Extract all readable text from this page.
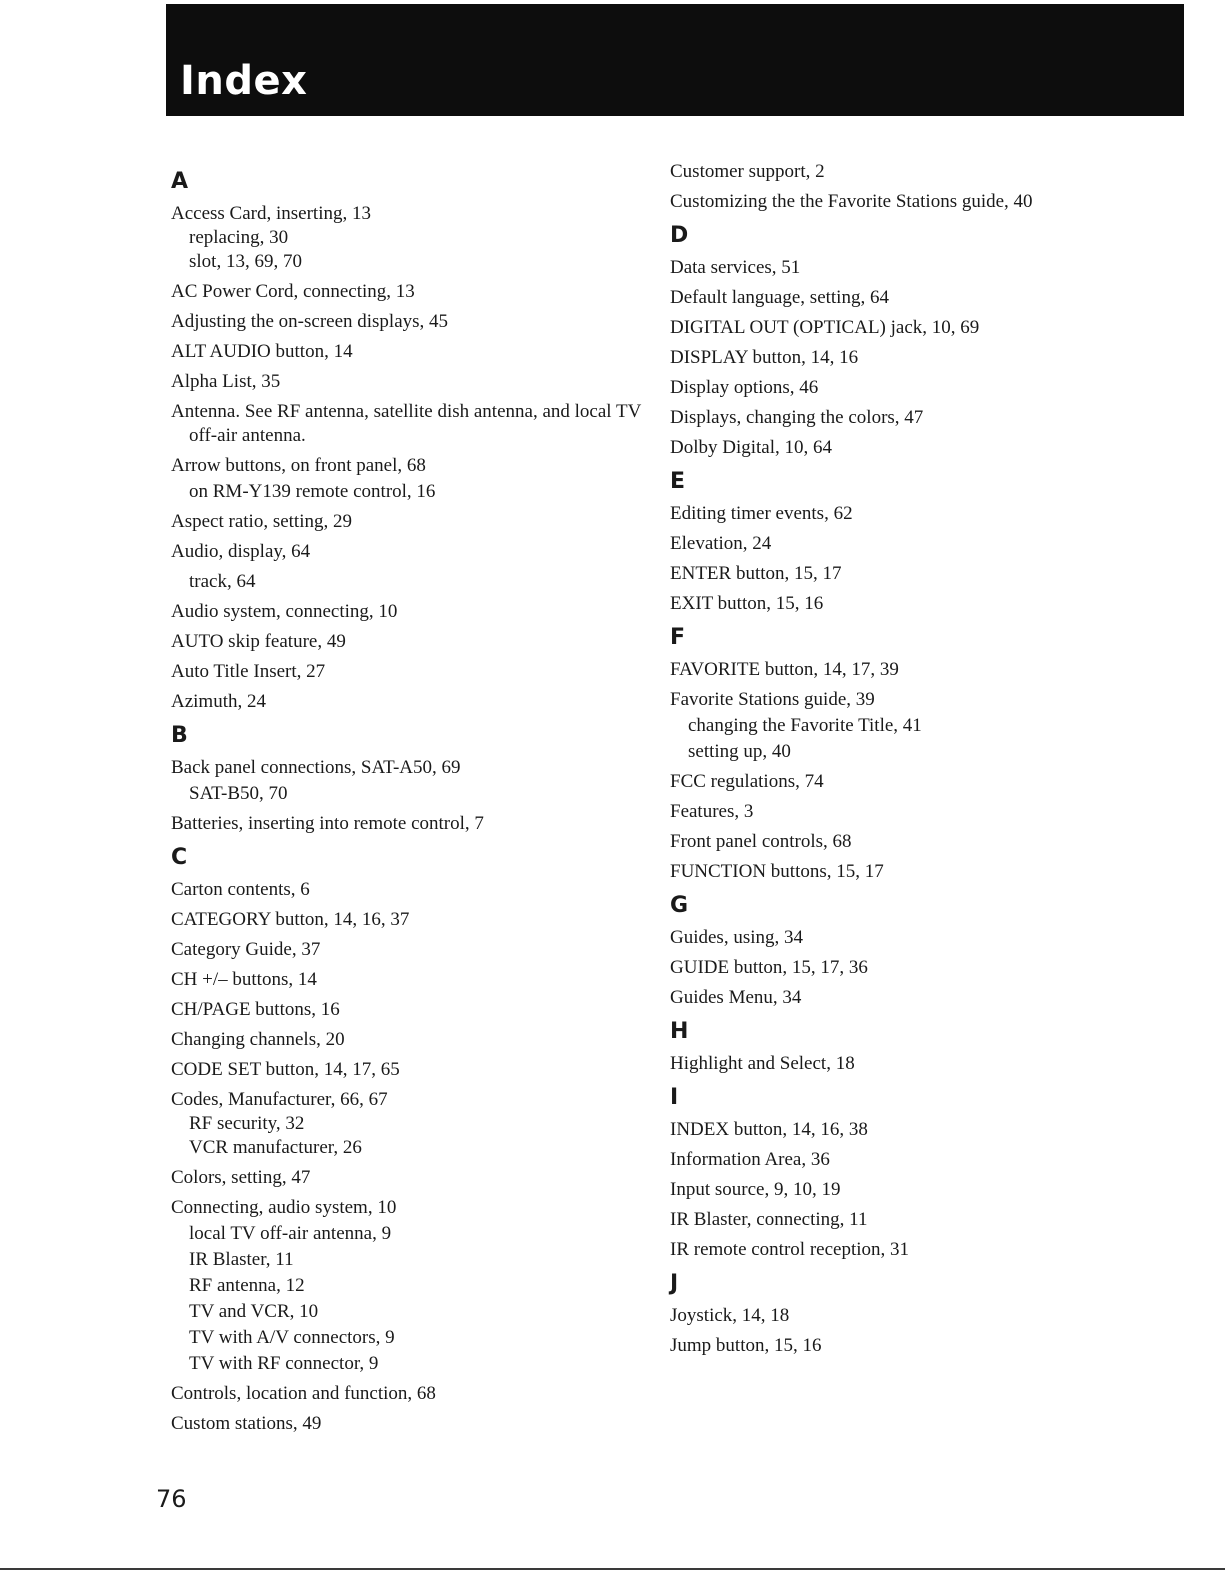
Index
A
Access Card, inserting, 13
replacing, 30
slot, 13, 69, 70
AC Power Cord, connecting, 13
Adjusting the on-screen displays, 45
ALT AUDIO button, 14
Alpha List, 35
Antenna. See RF antenna, satellite dish antenna, and local TV off-air antenna.
Arrow buttons, on front panel, 68
on RM-Y139 remote control, 16
Aspect ratio, setting, 29
Audio, display, 64
track, 64
Audio system, connecting, 10
AUTO skip feature, 49
Auto Title Insert, 27
Azimuth, 24
B
Back panel connections, SAT-A50, 69
SAT-B50, 70
Batteries, inserting into remote control, 7
C
Carton contents, 6
CATEGORY button, 14, 16, 37
Category Guide, 37
CH +/– buttons, 14
CH/PAGE buttons, 16
Changing channels, 20
CODE SET button, 14, 17, 65
Codes, Manufacturer, 66, 67
RF security, 32
VCR manufacturer, 26
Colors, setting, 47
Connecting, audio system, 10
local TV off-air antenna, 9
IR Blaster, 11
RF antenna, 12
TV and VCR, 10
TV with A/V connectors, 9
TV with RF connector, 9
Controls, location and function, 68
Custom stations, 49
Customer support, 2
Customizing the the Favorite Stations guide, 40
D
Data services, 51
Default language, setting, 64
DIGITAL OUT (OPTICAL) jack, 10, 69
DISPLAY button, 14, 16
Display options, 46
Displays, changing the colors, 47
Dolby Digital, 10, 64
E
Editing timer events, 62
Elevation, 24
ENTER button, 15, 17
EXIT button, 15, 16
F
FAVORITE button, 14, 17, 39
Favorite Stations guide, 39
changing the Favorite Title, 41
setting up, 40
FCC regulations, 74
Features, 3
Front panel controls, 68
FUNCTION buttons, 15, 17
G
Guides, using, 34
GUIDE button, 15, 17, 36
Guides Menu, 34
H
Highlight and Select, 18
I
INDEX button, 14, 16, 38
Information Area, 36
Input source, 9, 10, 19
IR Blaster, connecting, 11
IR remote control reception, 31
J
Joystick, 14, 18
Jump button, 15, 16
76
